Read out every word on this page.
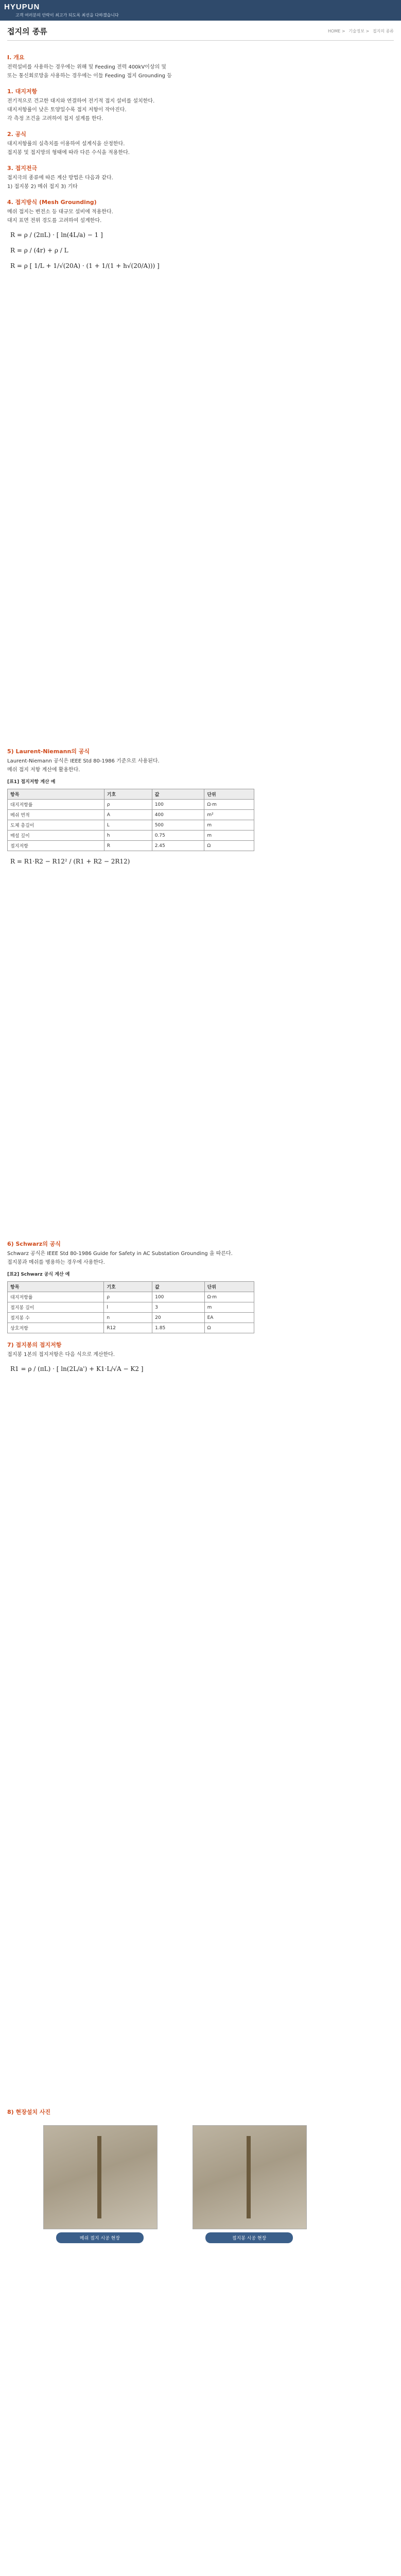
HYUPUN
고객 여러분의 안락이 최고가 되도록 최선을 다하겠습니다
접지의 종류	HOME > 기술정보 > 접지의 종류
I. 개요

전력설비를 사용하는 경우에는 위해 및 Feeding 전력 400kV이상의 및

또는 통신회로망을 사용하는 경우에는 이들 Feeding 접지 Grounding 등

1. 대지저항

전기적으로 견고한 대지와 연결하여 전기적 접지 설비를 설치한다.

대지저항률이 낮은 토양일수록 접지 저항이 작아진다.

각 측정 조건을 고려하여 접지 설계를 한다.

2. 공식

대지저항률의 실측치를 이용하여 설계식을 산정한다.

접지봉 및 접지망의 형태에 따라 다른 수식을 적용한다.

3. 접지전극

접지극의 종류에 따른 계산 방법은 다음과 같다.

1) 접지봉 2) 메쉬 접지 3) 기타

4. 접지방식 (Mesh Grounding)

메쉬 접지는 변전소 등 대규모 설비에 적용한다.

대지 표면 전위 경도를 고려하여 설계한다.

R = ρ / (2πL) · [ ln(4L/a) − 1 ]
R = ρ / (4r) + ρ / L
R = ρ [ 1/L + 1/√(20A) · (1 + 1/(1 + h√(20/A))) ]
5) Laurent-Niemann의 공식

Laurent-Niemann 공식은 IEEE Std 80-1986 기준으로 사용된다.

메쉬 접지 저항 계산에 활용한다.

[표1] 접지저항 계산 예
항목	기호	값	단위
대지저항률	ρ	100	Ω·m
메쉬 면적	A	400	m²
도체 총길이	L	500	m
매설 깊이	h	0.75	m
접지저항	R	2.45	Ω
R = R1·R2 − R12² / (R1 + R2 − 2R12)
6) Schwarz의 공식

Schwarz 공식은 IEEE Std 80-1986 Guide for Safety in AC Substation Grounding 을 따른다.

접지봉과 메쉬를 병용하는 경우에 사용한다.

[표2] Schwarz 공식 계산 예
항목	기호	값	단위
대지저항률	ρ	100	Ω·m
접지봉 길이	l	3	m
접지봉 수	n	20	EA
상호저항	R12	1.85	Ω
7) 접지봉의 접지저항

접지봉 1본의 접지저항은 다음 식으로 계산한다.

R1 = ρ / (πL) · [ ln(2L/a') + K1·L/√A − K2 ]
8) 현장설치 사진
메쉬 접지 시공 현장	접지봉 시공 현장
